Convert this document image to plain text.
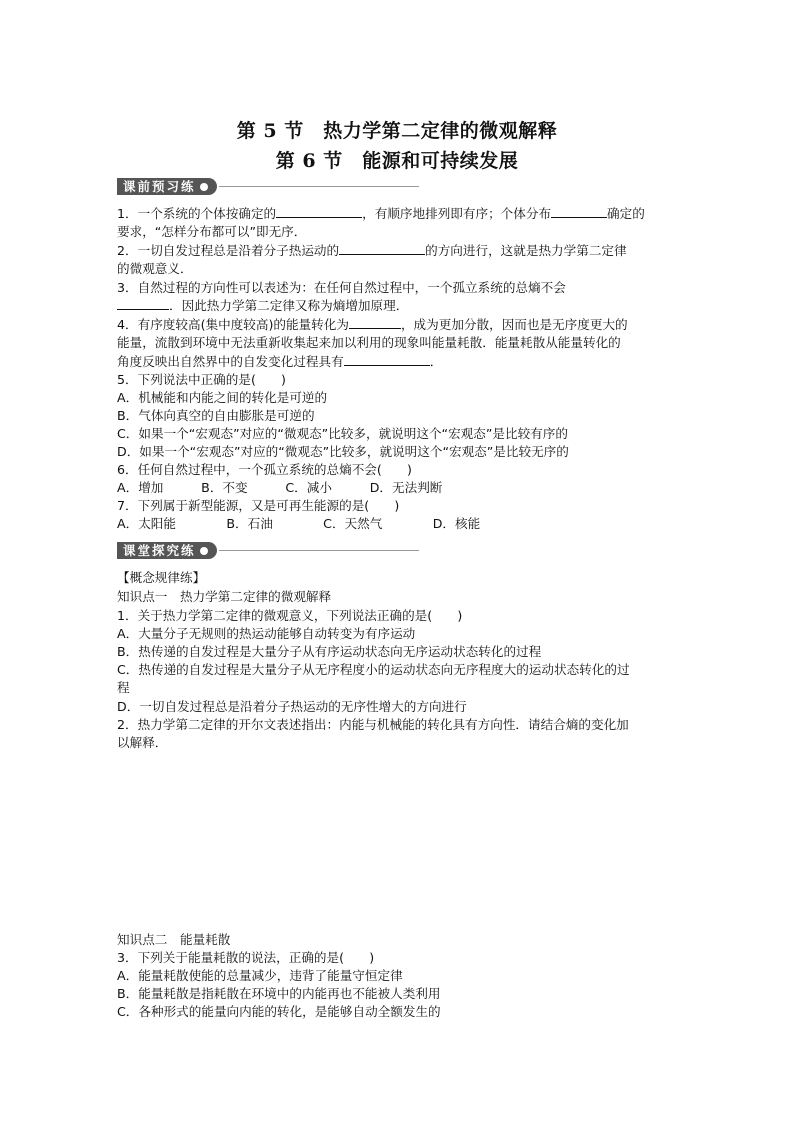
第 5 节　热力学第二定律的微观解释
第 6 节　能源和可持续发展
课前预习练
1．一个系统的个体按确定的	，有顺序地排列即有序；个体分布	确定的
要求，“怎样分布都可以”即无序．
2．一切自发过程总是沿着分子热运动的	的方向进行，这就是热力学第二定律
的微观意义．
3．自然过程的方向性可以表述为：在任何自然过程中，一个孤立系统的总熵不会
．因此热力学第二定律又称为熵增加原理．
4．有序度较高(集中度较高)的能量转化为	，成为更加分散，因而也是无序度更大的
能量，流散到环境中无法重新收集起来加以利用的现象叫能量耗散．能量耗散从能量转化的
角度反映出自然界中的自发变化过程具有	．
5．下列说法中正确的是(　　)
A．机械能和内能之间的转化是可逆的
B．气体向真空的自由膨胀是可逆的
C．如果一个“宏观态”对应的“微观态”比较多，就说明这个“宏观态”是比较有序的
D．如果一个“宏观态”对应的“微观态”比较多，就说明这个“宏观态”是比较无序的
6．任何自然过程中，一个孤立系统的总熵不会(　　)
A．增加　　　B．不变　　　C．减小　　　D．无法判断
7．下列属于新型能源，又是可再生能源的是(　　)
A．太阳能　　　　B．石油　　　　C．天然气　　　　D．核能
课堂探究练
【概念规律练】
知识点一　热力学第二定律的微观解释
1．关于热力学第二定律的微观意义，下列说法正确的是(　　)
A．大量分子无规则的热运动能够自动转变为有序运动
B．热传递的自发过程是大量分子从有序运动状态向无序运动状态转化的过程
C．热传递的自发过程是大量分子从无序程度小的运动状态向无序程度大的运动状态转化的过
程
D．一切自发过程总是沿着分子热运动的无序性增大的方向进行
2．热力学第二定律的开尔文表述指出：内能与机械能的转化具有方向性．请结合熵的变化加
以解释．
知识点二　能量耗散
3．下列关于能量耗散的说法，正确的是(　　)
A．能量耗散使能的总量减少，违背了能量守恒定律
B．能量耗散是指耗散在环境中的内能再也不能被人类利用
C．各种形式的能量向内能的转化，是能够自动全额发生的
